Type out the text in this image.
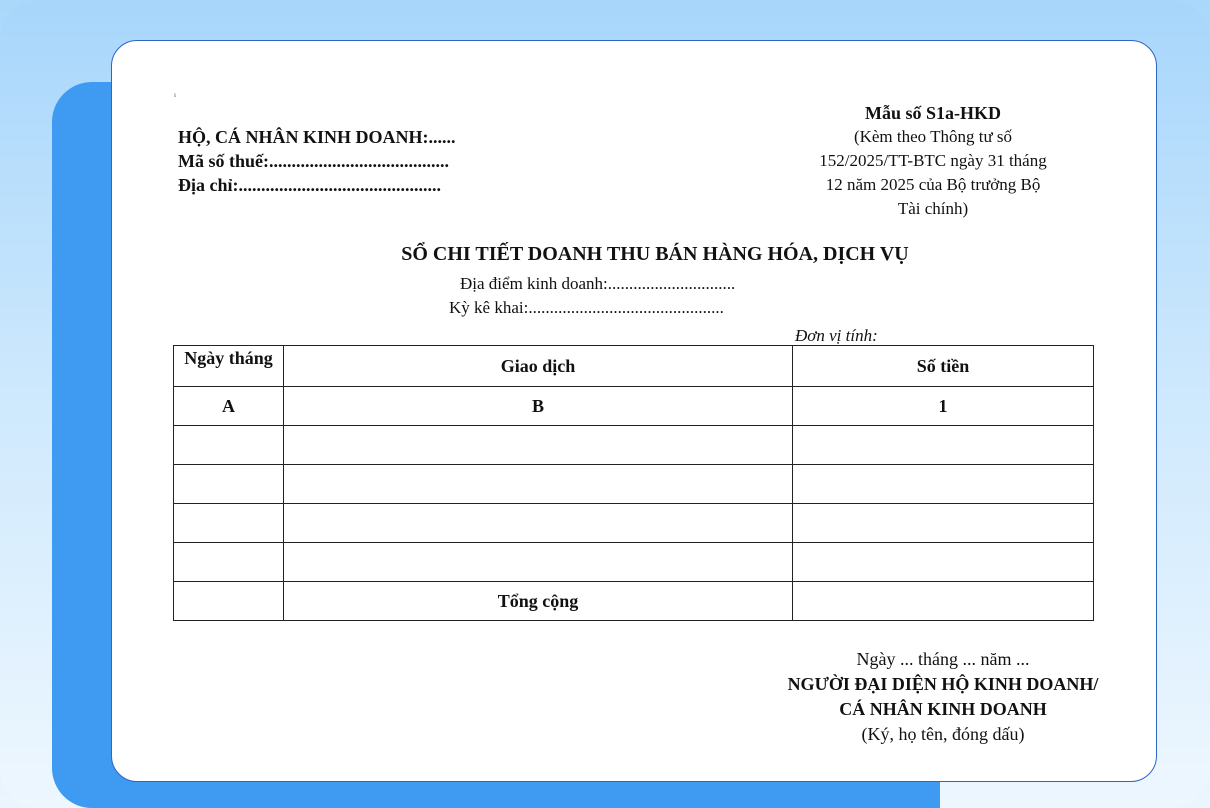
ı
HỘ, CÁ NHÂN KINH DOANH:......
Mã số thuế:........................................
Địa chỉ:.............................................
Mẫu số S1a-HKD
(Kèm theo Thông tư số
152/2025/TT-BTC ngày 31 tháng
12 năm 2025 của Bộ trưởng Bộ
Tài chính)
SỔ CHI TIẾT DOANH THU BÁN HÀNG HÓA, DỊCH VỤ
Địa điểm kinh doanh:..............................
Kỳ kê khai:..............................................
Đơn vị tính:
Ngày tháng	Giao dịch	Số tiền
A	B	1

	Tổng cộng	
Ngày ... tháng ... năm ...
NGƯỜI ĐẠI DIỆN HỘ KINH DOANH/
CÁ NHÂN KINH DOANH
(Ký, họ tên, đóng dấu)
